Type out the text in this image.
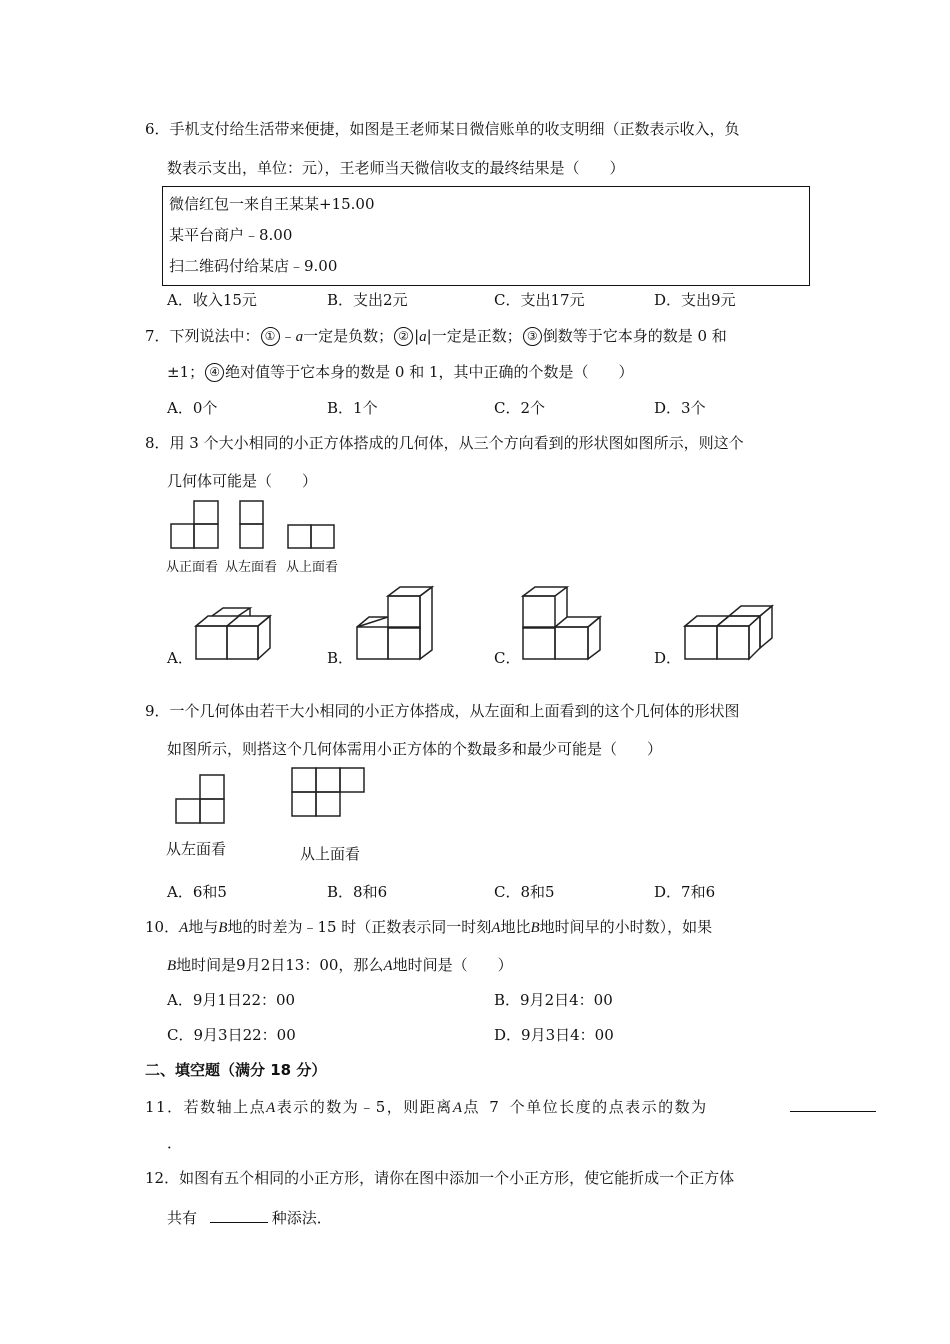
6．手机支付给生活带来便捷，如图是王老师某日微信账单的收支明细（正数表示收入，负
数表示支出，单位：元），王老师当天微信收支的最终结果是（　　）
微信红包一来自王某某+15.00
某平台商户﹣8.00
扫二维码付给某店﹣9.00
A．收入15元	B．支出2元	C．支出17元	D．支出9元
7．下列说法中： ① ﹣a一定是负数； ② |a|一定是正数； ③ 倒数等于它本身的数是 0 和
±1； ④ 绝对值等于它本身的数是 0 和 1，其中正确的个数是（　　）
A．0个	B．1个	C．2个	D．3个
8．用 3 个大小相同的小正方体搭成的几何体，从三个方向看到的形状图如图所示，则这个
几何体可能是（　　）
从正面看 从左面看 从上面看
A．	B．	C．	D．
9．一个几何体由若干大小相同的小正方体搭成，从左面和上面看到的这个几何体的形状图
如图所示，则搭这个几何体需用小正方体的个数最多和最少可能是（　　）
从左面看	从上面看
A．6和5	B．8和6	C．8和5	D．7和6
10．A地与B地的时差为﹣15 时（正数表示同一时刻A地比B地时间早的小时数），如果
B地时间是9月2日13：00，那么A地时间是（　　）
A．9月1日22：00	B．9月2日4：00
C．9月3日22：00	D．9月3日4：00
二、填空题（满分 18 分）
11．若数轴上点A表示的数为﹣5，则距离A点 7 个单位长度的点表示的数为
．
12．如图有五个相同的小正方形，请你在图中添加一个小正方形，使它能折成一个正方体
共有	种添法．
